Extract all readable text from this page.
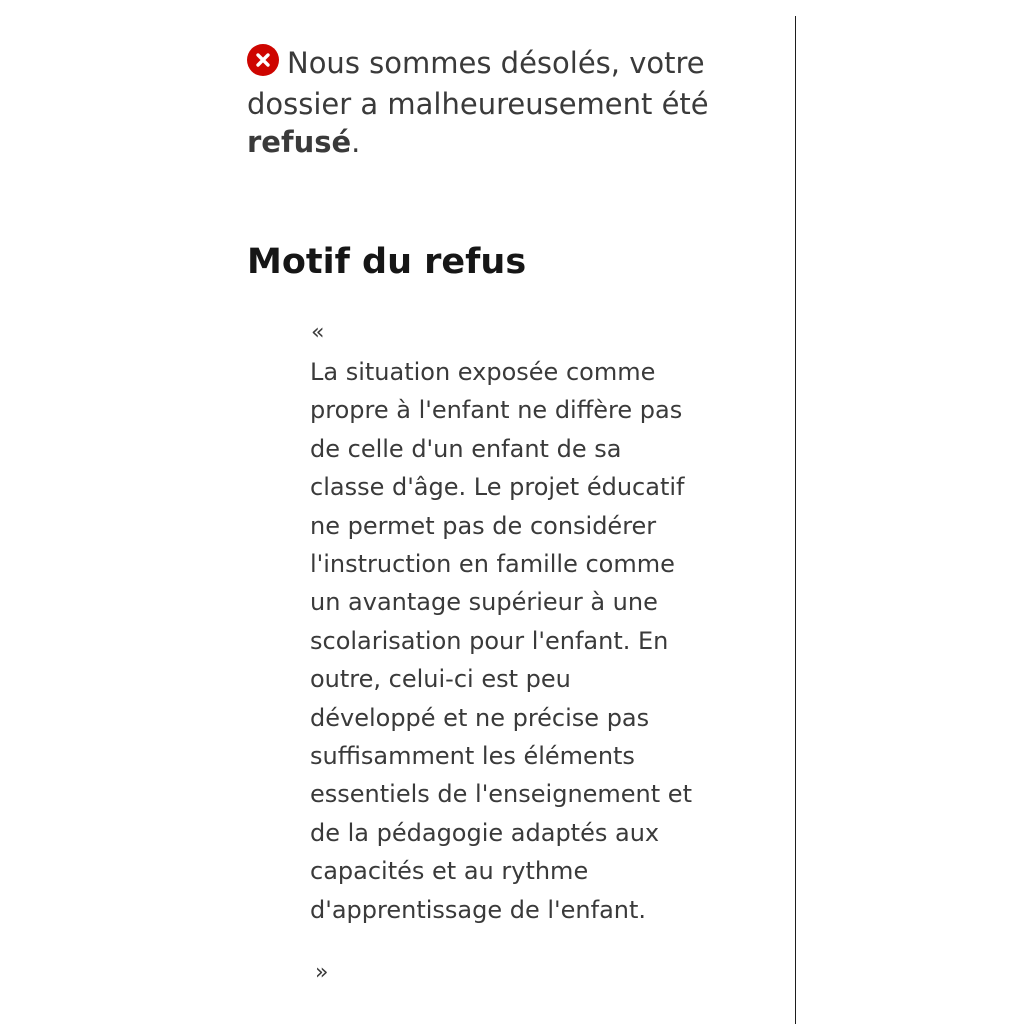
Nous sommes désolés, votre dossier a malheureusement été refusé.
Motif du refus
«

La situation exposée comme
propre à l'enfant ne diffère pas
de celle d'un enfant de sa
classe d'âge. Le projet éducatif
ne permet pas de considérer
l'instruction en famille comme
un avantage supérieur à une
scolarisation pour l'enfant. En
outre, celui-ci est peu
développé et ne précise pas
suffisamment les éléments
essentiels de l'enseignement et
de la pédagogie adaptés aux
capacités et au rythme
d'apprentissage de l'enfant.

»
